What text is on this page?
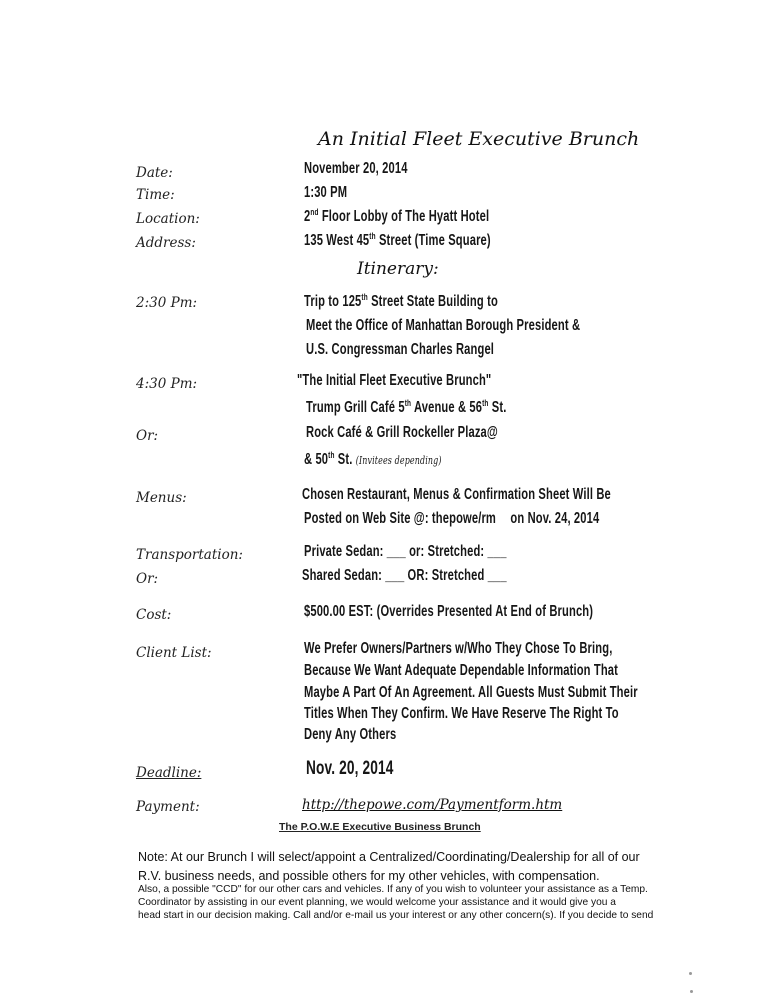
An Initial Fleet Executive Brunch
Date:	November 20, 2014
Time:	1:30 PM
Location:	2nd Floor Lobby of The Hyatt Hotel
Address:	135 West 45th Street (Time Square)
Itinerary:
2:30 Pm:	Trip to 125th Street State Building to
Meet the Office of Manhattan Borough President &
U.S. Congressman Charles Rangel
4:30 Pm:	"The Initial Fleet Executive Brunch"
Trump Grill Café 5th Avenue & 56th St.
Or:	Rock Café & Grill Rockeller Plaza@
& 50th St. (Invitees depending)
Menus:	Chosen Restaurant, Menus & Confirmation Sheet Will Be
Posted on Web Site @: thepowe/rm on Nov. 24, 2014
Transportation:	Private Sedan: ___ or: Stretched: ___
Or:	Shared Sedan: ___ OR: Stretched ___
Cost:	$500.00 EST: (Overrides Presented At End of Brunch)
Client List:	We Prefer Owners/Partners w/Who They Chose To Bring,
Because We Want Adequate Dependable Information That
Maybe A Part Of An Agreement. All Guests Must Submit Their
Titles When They Confirm. We Have Reserve The Right To
Deny Any Others
Deadline:	Nov. 20, 2014
Payment:	http://thepowe.com/Paymentform.htm
The P.O.W.E Executive Business Brunch
Note: At our Brunch I will select/appoint a Centralized/Coordinating/Dealership for all of our
R.V. business needs, and possible others for my other vehicles, with compensation.
Also, a possible "CCD" for our other cars and vehicles. If any of you wish to volunteer your assistance as a Temp.
Coordinator by assisting in our event planning, we would welcome your assistance and it would give you a
head start in our decision making. Call and/or e-mail us your interest or any other concern(s). If you decide to send
